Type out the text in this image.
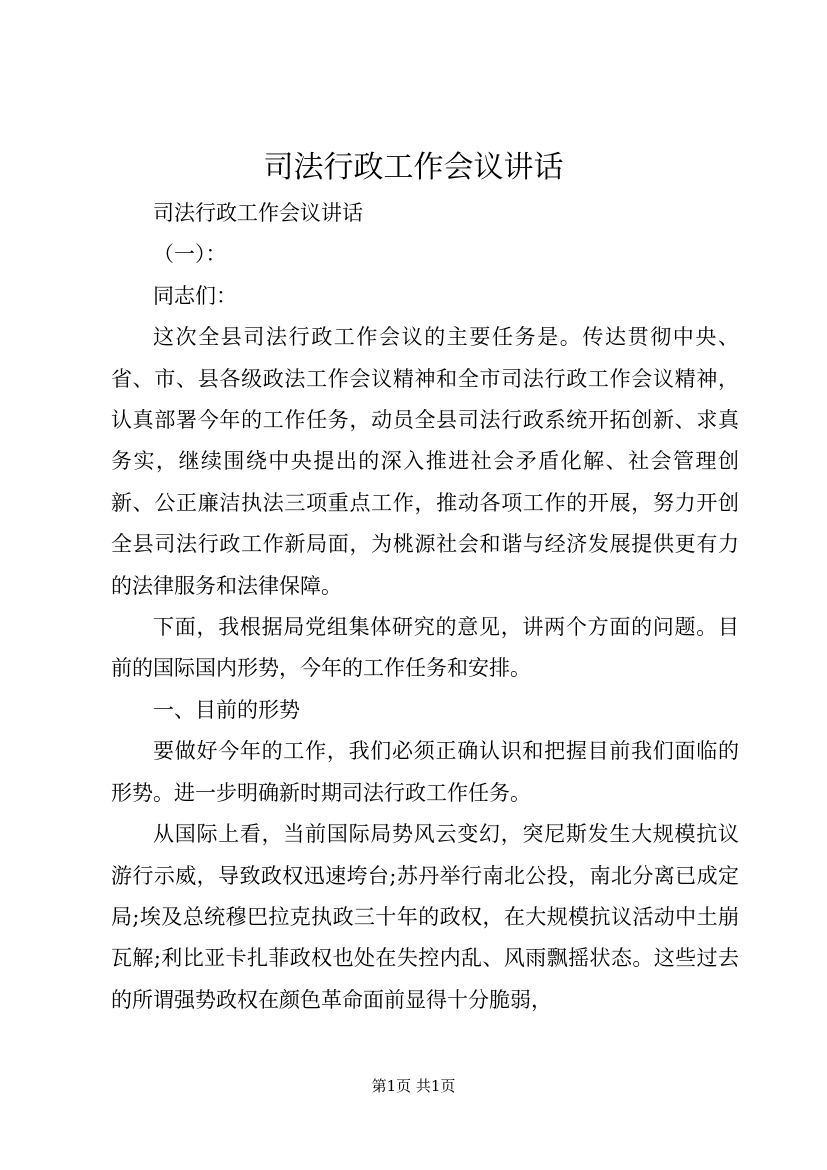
司法行政工作会议讲话

司法行政工作会议讲话

（一）：

同志们：

这次全县司法行政工作会议的主要任务是。传达贯彻中央、省、市、县各级政法工作会议精神和全市司法行政工作会议精神，认真部署今年的工作任务，动员全县司法行政系统开拓创新、求真务实，继续围绕中央提出的深入推进社会矛盾化解、社会管理创新、公正廉洁执法三项重点工作，推动各项工作的开展，努力开创全县司法行政工作新局面，为桃源社会和谐与经济发展提供更有力的法律服务和法律保障。

下面，我根据局党组集体研究的意见，讲两个方面的问题。目前的国际国内形势，今年的工作任务和安排。

一、目前的形势

要做好今年的工作，我们必须正确认识和把握目前我们面临的形势。进一步明确新时期司法行政工作任务。

从国际上看，当前国际局势风云变幻，突尼斯发生大规模抗议游行示威，导致政权迅速垮台;苏丹举行南北公投，南北分离已成定局;埃及总统穆巴拉克执政三十年的政权，在大规模抗议活动中土崩瓦解;利比亚卡扎菲政权也处在失控内乱、风雨飘摇状态。这些过去的所谓强势政权在颜色革命面前显得十分脆弱，

第1页 共1页
